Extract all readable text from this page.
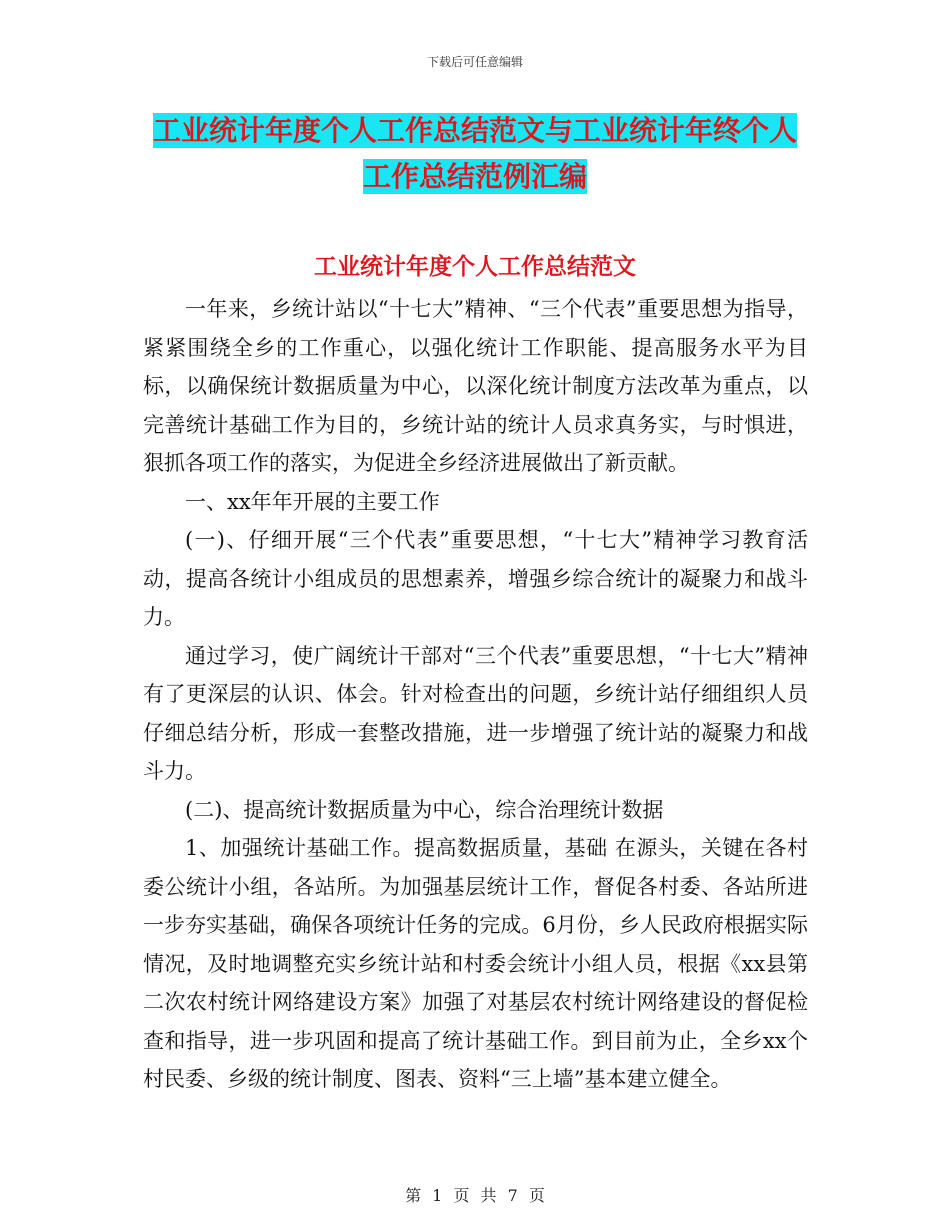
下载后可任意编辑
工业统计年度个人工作总结范文与工业统计年终个人
工作总结范例汇编
工业统计年度个人工作总结范文

一年来，乡统计站以“十七大”精神、“三个代表”重要思想为指导，紧紧围绕全乡的工作重心，以强化统计工作职能、提高服务水平为目标，以确保统计数据质量为中心，以深化统计制度方法改革为重点，以完善统计基础工作为目的，乡统计站的统计人员求真务实，与时惧进，狠抓各项工作的落实，为促进全乡经济进展做出了新贡献。

一、xx年年开展的主要工作

(一)、仔细开展“三个代表”重要思想，“十七大”精神学习教育活动，提高各统计小组成员的思想素养，增强乡综合统计的凝聚力和战斗力。

通过学习，使广阔统计干部对“三个代表”重要思想，“十七大”精神有了更深层的认识、体会。针对检查出的问题，乡统计站仔细组织人员仔细总结分析，形成一套整改措施，进一步增强了统计站的凝聚力和战斗力。

(二)、提高统计数据质量为中心，综合治理统计数据

1、加强统计基础工作。提高数据质量，基础 在源头，关键在各村委公统计小组，各站所。为加强基层统计工作，督促各村委、各站所进一步夯实基础，确保各项统计任务的完成。6月份，乡人民政府根据实际情况，及时地调整充实乡统计站和村委会统计小组人员，根据《xx县第二次农村统计网络建设方案》加强了对基层农村统计网络建设的督促检查和指导，进一步巩固和提高了统计基础工作。到目前为止，全乡xx个村民委、乡级的统计制度、图表、资料“三上墙”基本建立健全。

第 1 页 共 7 页
